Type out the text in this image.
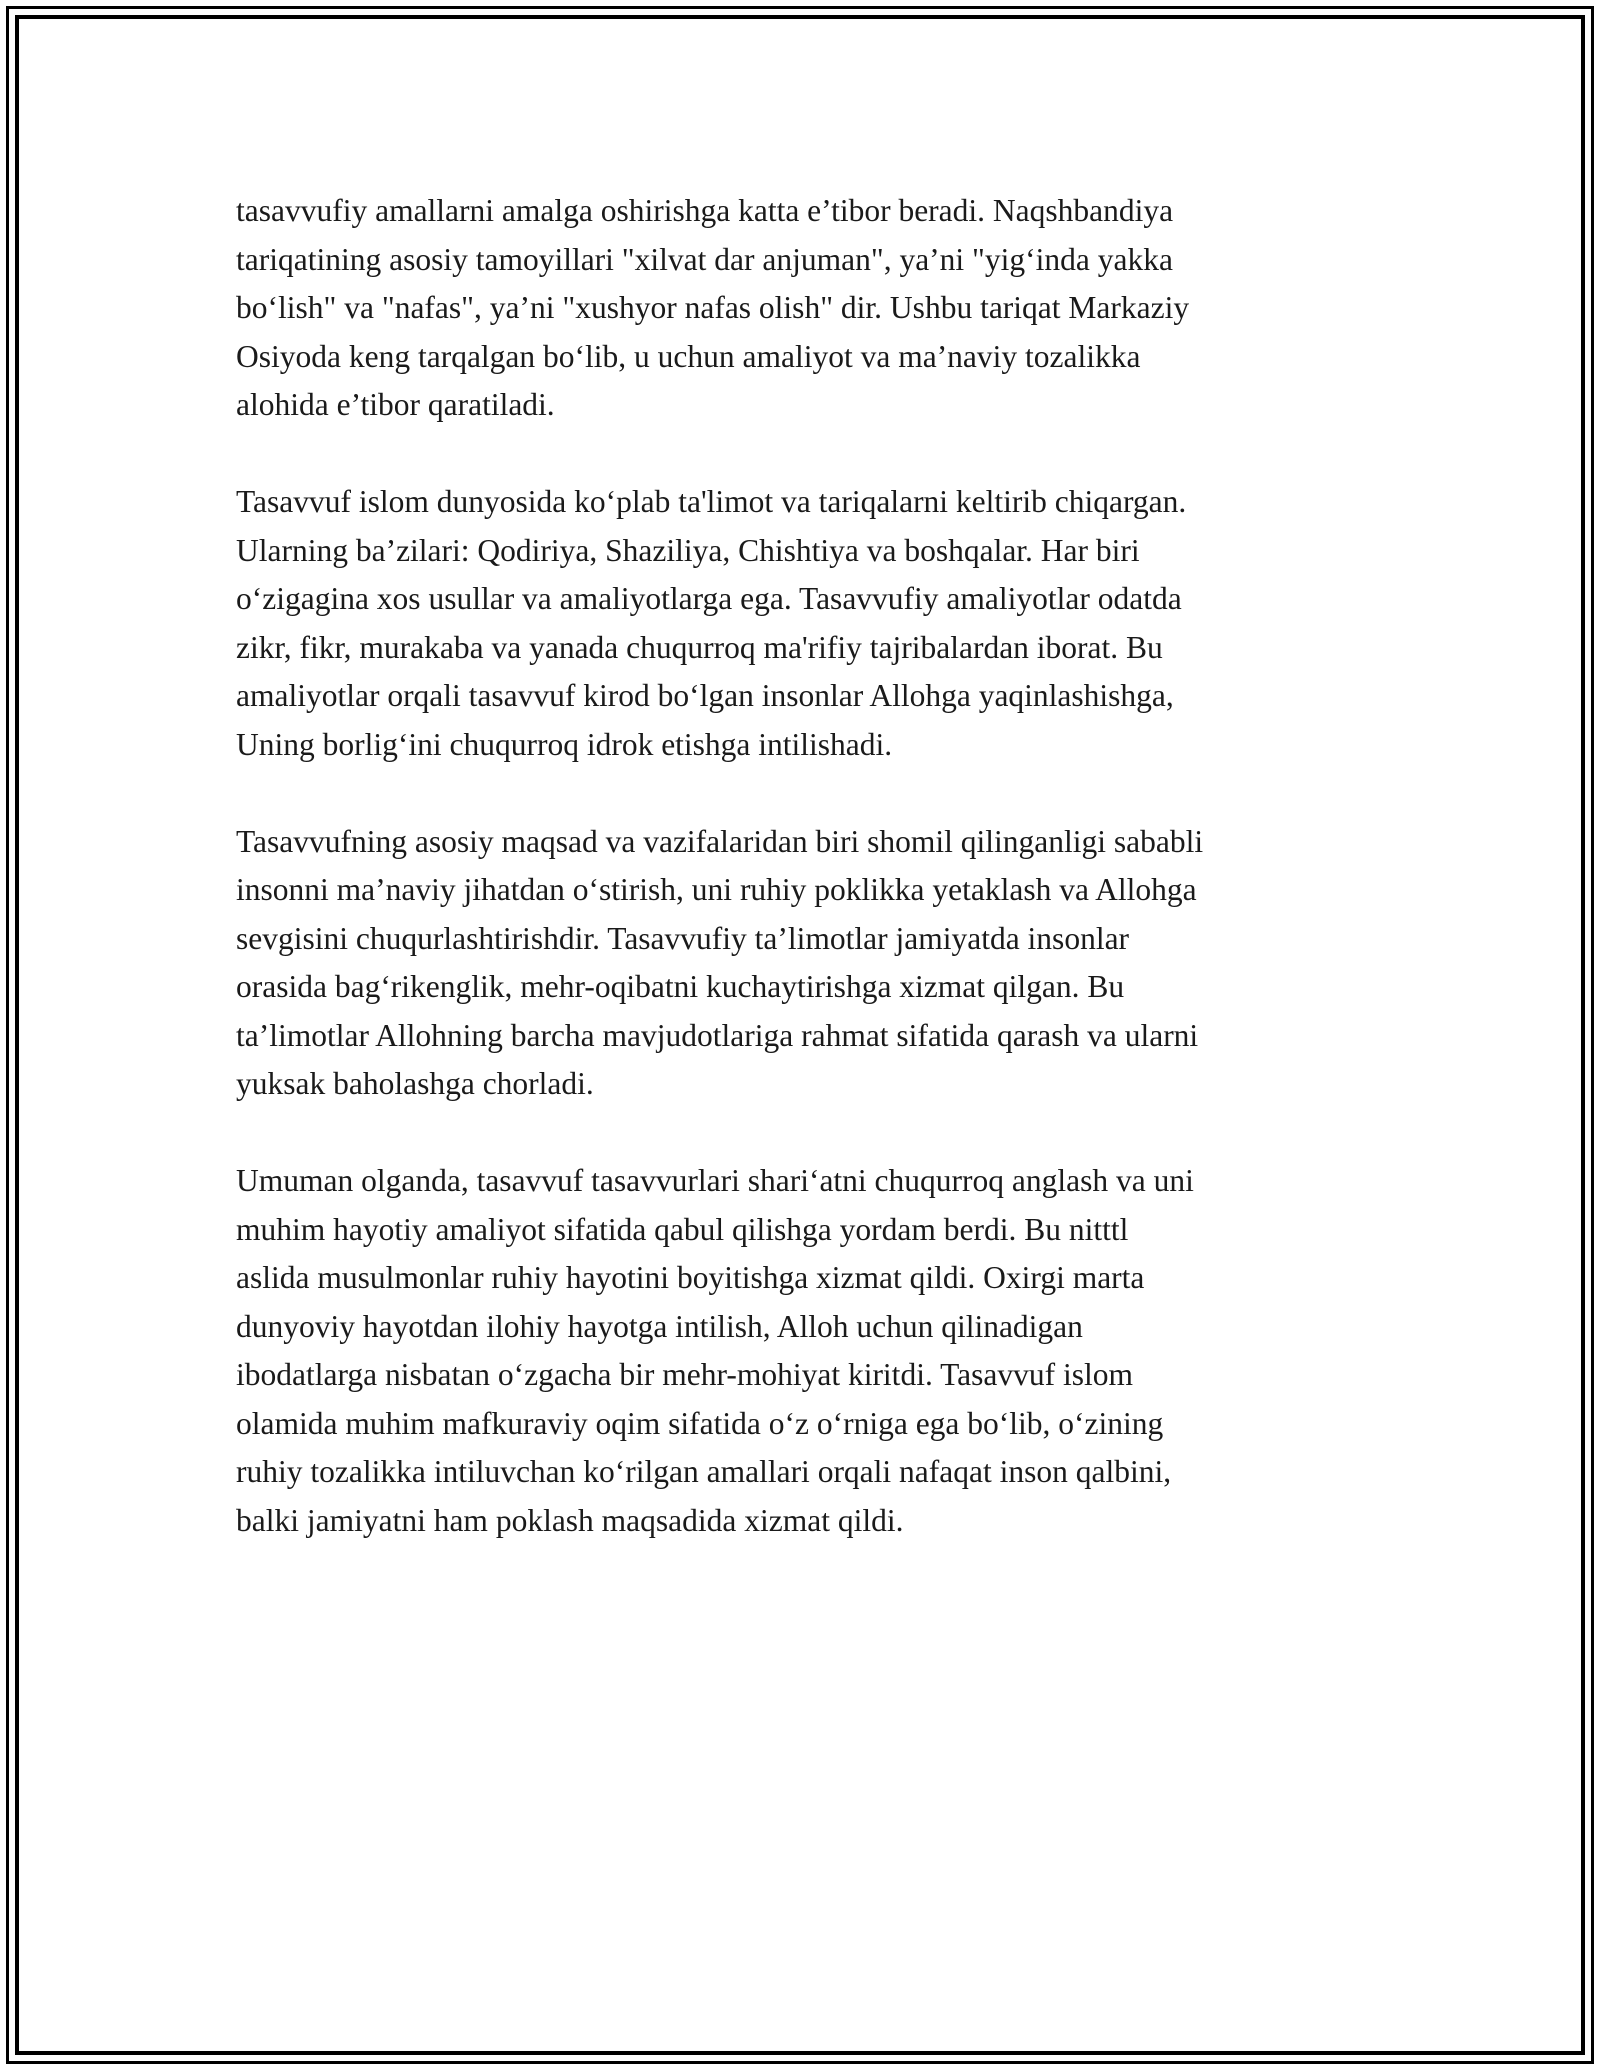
tasavvufiy amallarni amalga oshirishga katta e’tibor beradi. Naqshbandiya
tariqatining asosiy tamoyillari "xilvat dar anjuman", ya’ni "yig‘inda yakka
bo‘lish" va "nafas", ya’ni "xushyor nafas olish" dir. Ushbu tariqat Markaziy
Osiyoda keng tarqalgan bo‘lib, u uchun amaliyot va ma’naviy tozalikka
alohida e’tibor qaratiladi.
Tasavvuf islom dunyosida ko‘plab ta'limot va tariqalarni keltirib chiqargan.
Ularning ba’zilari: Qodiriya, Shaziliya, Chishtiya va boshqalar. Har biri
o‘zigagina xos usullar va amaliyotlarga ega. Tasavvufiy amaliyotlar odatda
zikr, fikr, murakaba va yanada chuqurroq ma'rifiy tajribalardan iborat. Bu
amaliyotlar orqali tasavvuf kirod bo‘lgan insonlar Allohga yaqinlashishga,
Uning borlig‘ini chuqurroq idrok etishga intilishadi.
Tasavvufning asosiy maqsad va vazifalaridan biri shomil qilinganligi sababli
insonni ma’naviy jihatdan o‘stirish, uni ruhiy poklikka yetaklash va Allohga
sevgisini chuqurlashtirishdir. Tasavvufiy ta’limotlar jamiyatda insonlar
orasida bag‘rikenglik, mehr-oqibatni kuchaytirishga xizmat qilgan. Bu
ta’limotlar Allohning barcha mavjudotlariga rahmat sifatida qarash va ularni
yuksak baholashga chorladi.
Umuman olganda, tasavvuf tasavvurlari shari‘atni chuqurroq anglash va uni
muhim hayotiy amaliyot sifatida qabul qilishga yordam berdi. Bu nitttl
aslida musulmonlar ruhiy hayotini boyitishga xizmat qildi. Oxirgi marta
dunyoviy hayotdan ilohiy hayotga intilish, Alloh uchun qilinadigan
ibodatlarga nisbatan o‘zgacha bir mehr-mohiyat kiritdi. Tasavvuf islom
olamida muhim mafkuraviy oqim sifatida o‘z o‘rniga ega bo‘lib, o‘zining
ruhiy tozalikka intiluvchan ko‘rilgan amallari orqali nafaqat inson qalbini,
balki jamiyatni ham poklash maqsadida xizmat qildi.
